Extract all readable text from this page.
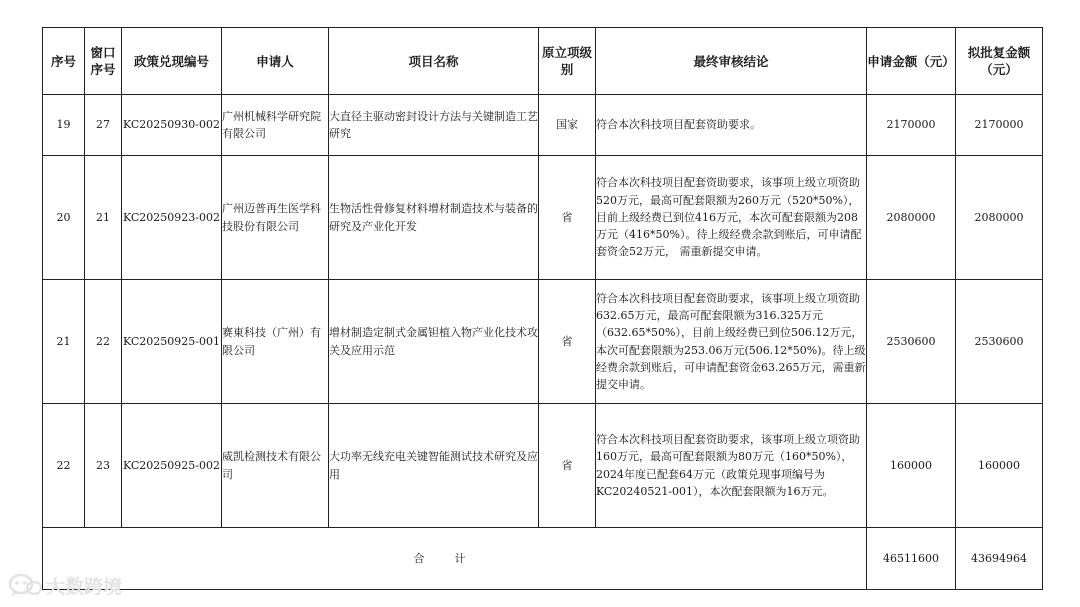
序号	窗口序号	政策兑现编号	申请人	项目名称	原立项级别	最终审核结论	申请金额（元）	拟批复金额（元）
19	27	KC20250930-002	广州机械科学研究院有限公司	大直径主驱动密封设计方法与关键制造工艺研究	国家	符合本次科技项目配套资助要求。	2170000	2170000
20	21	KC20250923-002	广州迈普再生医学科技股份有限公司	生物活性骨修复材料增材制造技术与装备的研究及产业化开发	省	符合本次科技项目配套资助要求，该事项上级立项资助520万元，最高可配套限额为260万元（520*50%），目前上级经费已到位416万元，本次可配套限额为208万元（416*50%）。待上级经费余款到账后，可申请配套资金52万元， 需重新提交申请。	2080000	2080000
21	22	KC20250925-001	赛東科技（广州）有限公司	增材制造定制式金属钽植入物产业化技术攻关及应用示范	省	符合本次科技项目配套资助要求，该事项上级立项资助632.65万元，最高可配套限额为316.325万元（632.65*50%），目前上级经费已到位506.12万元，本次可配套限额为253.06万元(506.12*50%)。待上级经费余款到账后，可申请配套资金63.265万元，需重新提交申请。	2530600	2530600
22	23	KC20250925-002	威凯检测技术有限公司	大功率无线充电关键智能测试技术研究及应用	省	符合本次科技项目配套资助要求，该事项上级立项资助160万元，最高可配套限额为80万元（160*50%），2024年度已配套64万元（政策兑现事项编号为KC20240521-001），本次配套限额为16万元。	160000	160000
合计							46511600	43694964
大数跨境
